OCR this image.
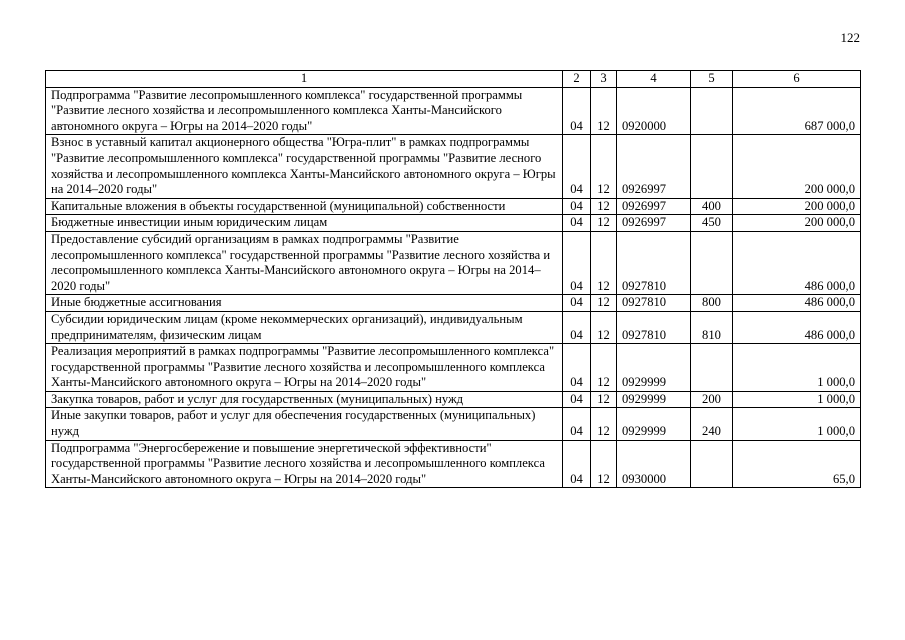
122
1	2	3	4	5	6
Подпрограмма "Развитие лесопромышленного комплекса" государственной программы "Развитие лесного хозяйства и лесопромышленного комплекса Ханты-Мансийского автономного округа – Югры на 2014–2020 годы"	04	12	0920000		687 000,0
Взнос в уставный капитал акционерного общества "Югра-плит" в рамках подпрограммы "Развитие лесопромышленного комплекса" государственной программы "Развитие лесного хозяйства и лесопромышленного комплекса Ханты-Мансийского автономного округа – Югры на 2014–2020 годы"	04	12	0926997		200 000,0
Капитальные вложения в объекты государственной (муниципальной) собственности	04	12	0926997	400	200 000,0
Бюджетные инвестиции иным юридическим лицам	04	12	0926997	450	200 000,0
Предоставление субсидий организациям в рамках подпрограммы "Развитие лесопромышленного комплекса" государственной программы "Развитие лесного хозяйства и лесопромышленного комплекса Ханты-Мансийского автономного округа – Югры на 2014–2020 годы"	04	12	0927810		486 000,0
Иные бюджетные ассигнования	04	12	0927810	800	486 000,0
Субсидии юридическим лицам (кроме некоммерческих организаций), индивидуальным предпринимателям, физическим лицам	04	12	0927810	810	486 000,0
Реализация мероприятий в рамках подпрограммы "Развитие лесопромышленного комплекса" государственной программы "Развитие лесного хозяйства и лесопромышленного комплекса Ханты-Мансийского автономного округа – Югры на 2014–2020 годы"	04	12	0929999		1 000,0
Закупка товаров, работ и услуг для государственных (муниципальных) нужд	04	12	0929999	200	1 000,0
Иные закупки товаров, работ и услуг для обеспечения государственных (муниципальных) нужд	04	12	0929999	240	1 000,0
Подпрограмма "Энергосбережение и повышение энергетической эффективности" государственной программы "Развитие лесного хозяйства и лесопромышленного комплекса Ханты-Мансийского автономного округа – Югры на 2014–2020 годы"	04	12	0930000		65,0
